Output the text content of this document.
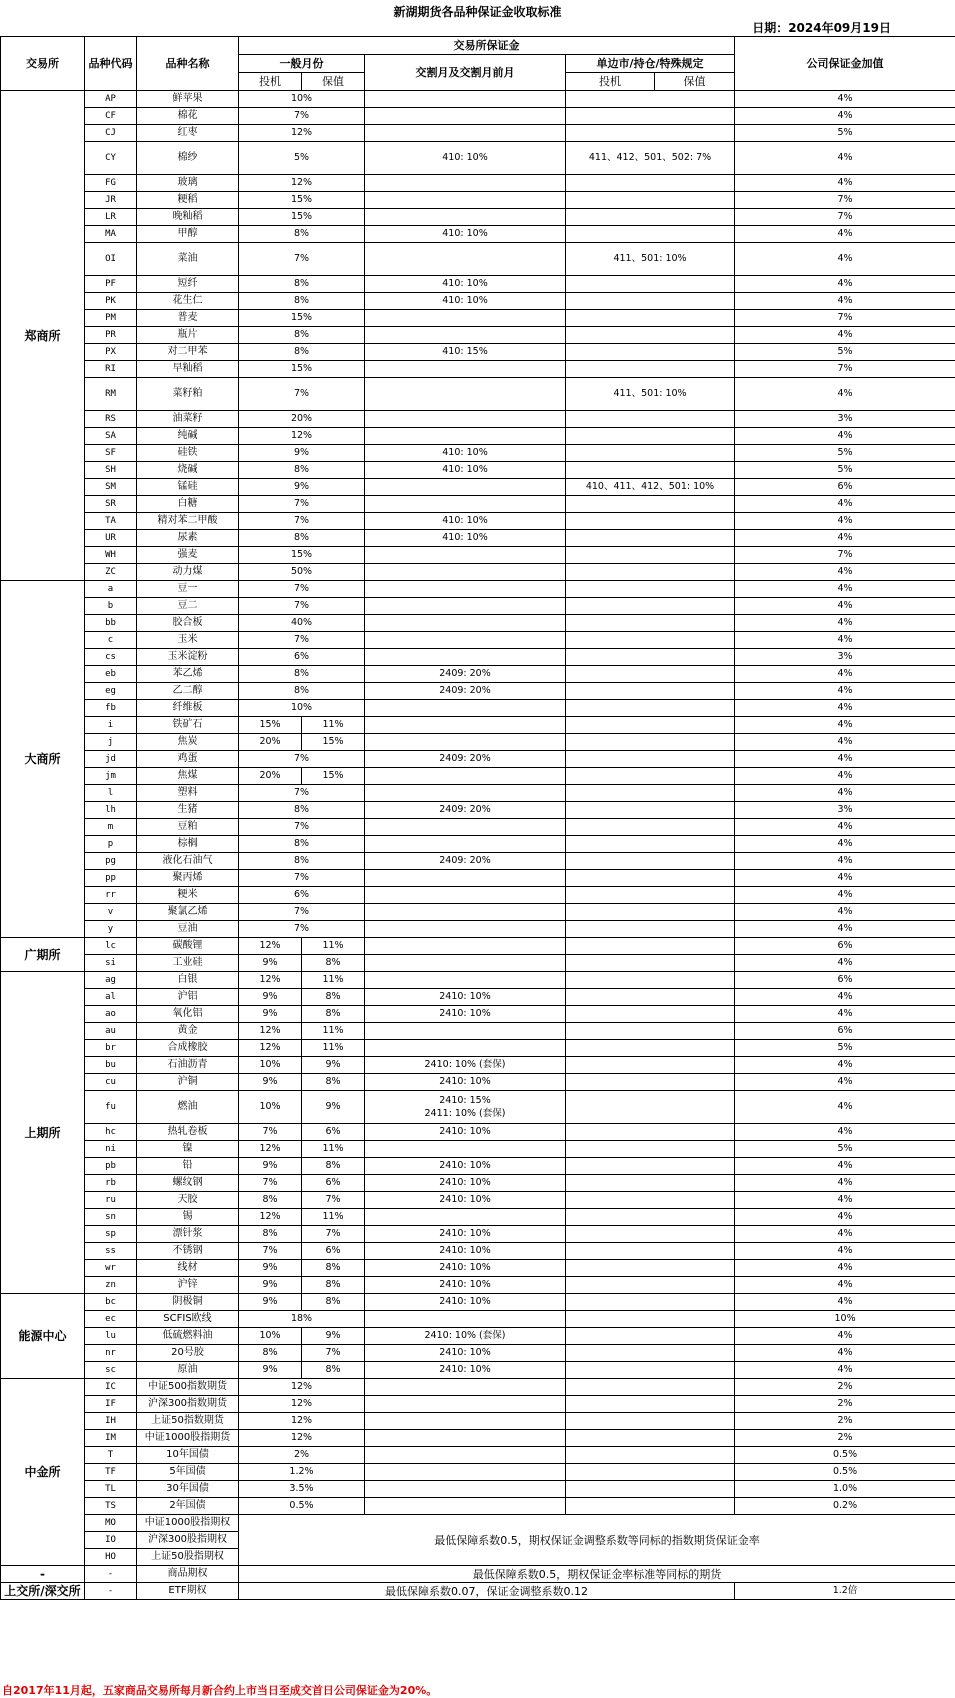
新湖期货各品种保证金收取标准
日期：2024年09月19日
交易所	品种代码	品种名称	交易所保证金					公司保证金加值
			一般月份		交割月及交割月前月	单边市/持仓/特殊规定		
			投机	保值		投机	保值	
郑商所	AP	鲜苹果	10%					4%
	CF	棉花	7%					4%
	CJ	红枣	12%					5%
	CY	棉纱	5%		410: 10%	411、412、501、502: 7%		4%
	FG	玻璃	12%					4%
	JR	粳稻	15%					7%
	LR	晚籼稻	15%					7%
	MA	甲醇	8%		410: 10%			4%
	OI	菜油	7%			411、501: 10%		4%
	PF	短纤	8%		410: 10%			4%
	PK	花生仁	8%		410: 10%			4%
	PM	普麦	15%					7%
	PR	瓶片	8%					4%
	PX	对二甲苯	8%		410: 15%			5%
	RI	早籼稻	15%					7%
	RM	菜籽粕	7%			411、501: 10%		4%
	RS	油菜籽	20%					3%
	SA	纯碱	12%					4%
	SF	硅铁	9%		410: 10%			5%
	SH	烧碱	8%		410: 10%			5%
	SM	锰硅	9%			410、411、412、501: 10%		6%
	SR	白糖	7%					4%
	TA	精对苯二甲酸	7%		410: 10%			4%
	UR	尿素	8%		410: 10%			4%
	WH	强麦	15%					7%
	ZC	动力煤	50%					4%
大商所	a	豆一	7%					4%
	b	豆二	7%					4%
	bb	胶合板	40%					4%
	c	玉米	7%					4%
	cs	玉米淀粉	6%					3%
	eb	苯乙烯	8%		2409: 20%			4%
	eg	乙二醇	8%		2409: 20%			4%
	fb	纤维板	10%					4%
	i	铁矿石	15%	11%				4%
	j	焦炭	20%	15%				4%
	jd	鸡蛋	7%		2409: 20%			4%
	jm	焦煤	20%	15%				4%
	l	塑料	7%					4%
	lh	生猪	8%		2409: 20%			3%
	m	豆粕	7%					4%
	p	棕榈	8%					4%
	pg	液化石油气	8%		2409: 20%			4%
	pp	聚丙烯	7%					4%
	rr	粳米	6%					4%
	v	聚氯乙烯	7%					4%
	y	豆油	7%					4%
广期所	lc	碳酸锂	12%	11%				6%
	si	工业硅	9%	8%				4%
上期所	ag	白银	12%	11%				6%
	al	沪铝	9%	8%	2410: 10%			4%
	ao	氧化铝	9%	8%	2410: 10%			4%
	au	黄金	12%	11%				6%
	br	合成橡胶	12%	11%				5%
	bu	石油沥青	10%	9%	2410: 10% (套保)			4%
	cu	沪铜	9%	8%	2410: 10%			4%
	fu	燃油	10%	9%	2410: 15%
2411: 10% (套保)			4%
	hc	热轧卷板	7%	6%	2410: 10%			4%
	ni	镍	12%	11%				5%
	pb	铅	9%	8%	2410: 10%			4%
	rb	螺纹钢	7%	6%	2410: 10%			4%
	ru	天胶	8%	7%	2410: 10%			4%
	sn	锡	12%	11%				4%
	sp	漂针浆	8%	7%	2410: 10%			4%
	ss	不锈钢	7%	6%	2410: 10%			4%
	wr	线材	9%	8%	2410: 10%			4%
	zn	沪锌	9%	8%	2410: 10%			4%
能源中心	bc	阴极铜	9%	8%	2410: 10%			4%
	ec	SCFIS欧线	18%					10%
	lu	低硫燃料油	10%	9%	2410: 10% (套保)			4%
	nr	20号胶	8%	7%	2410: 10%			4%
	sc	原油	9%	8%	2410: 10%			4%
中金所	IC	中证500指数期货	12%					2%
	IF	沪深300指数期货	12%					2%
	IH	上证50指数期货	12%					2%
	IM	中证1000股指期货	12%					2%
	T	10年国债	2%					0.5%
	TF	5年国债	1.2%					0.5%
	TL	30年国债	3.5%					1.0%
	TS	2年国债	0.5%					0.2%
	MO	中证1000股指期权	最低保障系数0.5，期权保证金调整系数等同标的指数期货保证金率					
	IO	沪深300股指期权						
	HO	上证50股指期权						
-	-	商品期权	最低保障系数0.5，期权保证金率标准等同标的期货					
上交所/深交所	-	ETF期权	最低保障系数0.07，保证金调整系数0.12					1.2倍
自2017年11月起，五家商品交易所每月新合约上市当日至成交首日公司保证金为20%。
